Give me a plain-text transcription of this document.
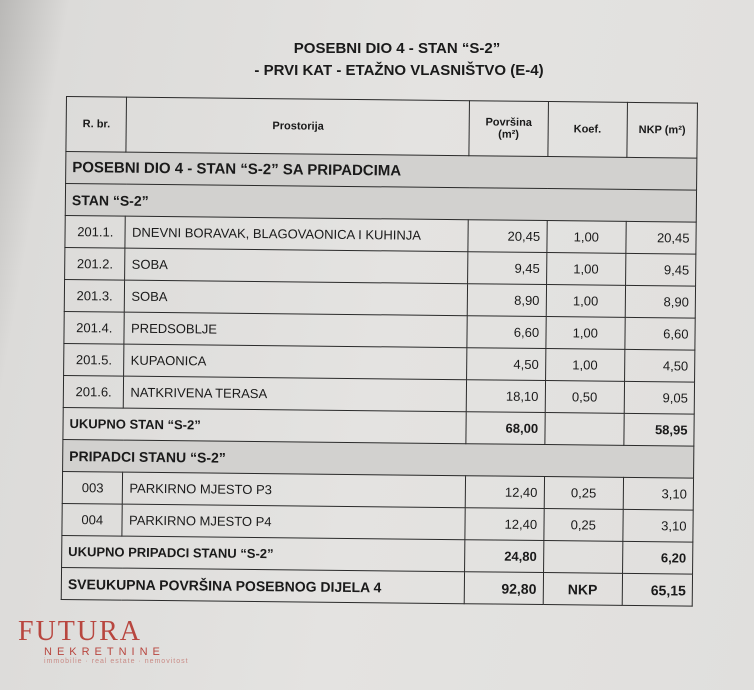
POSEBNI DIO 4 - STAN “S-2”
- PRVI KAT - ETAŽNO VLASNIŠTVO (E-4)
R. br.	Prostorija	Površina (m²)	Koef.	NKP (m²)
POSEBNI DIO 4 - STAN “S-2” SA PRIPADCIMA				
STAN “S-2”				
201.1.	DNEVNI BORAVAK, BLAGOVAONICA I KUHINJA	20,45	1,00	20,45
201.2.	SOBA	9,45	1,00	9,45
201.3.	SOBA	8,90	1,00	8,90
201.4.	PREDSOBLJE	6,60	1,00	6,60
201.5.	KUPAONICA	4,50	1,00	4,50
201.6.	NATKRIVENA TERASA	18,10	0,50	9,05
UKUPNO STAN “S-2”		68,00		58,95
PRIPADCI STANU “S-2”				
003	PARKIRNO MJESTO P3	12,40	0,25	3,10
004	PARKIRNO MJESTO P4	12,40	0,25	3,10
UKUPNO PRIPADCI STANU “S-2”		24,80		6,20
SVEUKUPNA POVRŠINA POSEBNOG DIJELA 4		92,80	NKP	65,15
FUTURA
NEKRETNINE
immobilie · real estate · nemovitost
